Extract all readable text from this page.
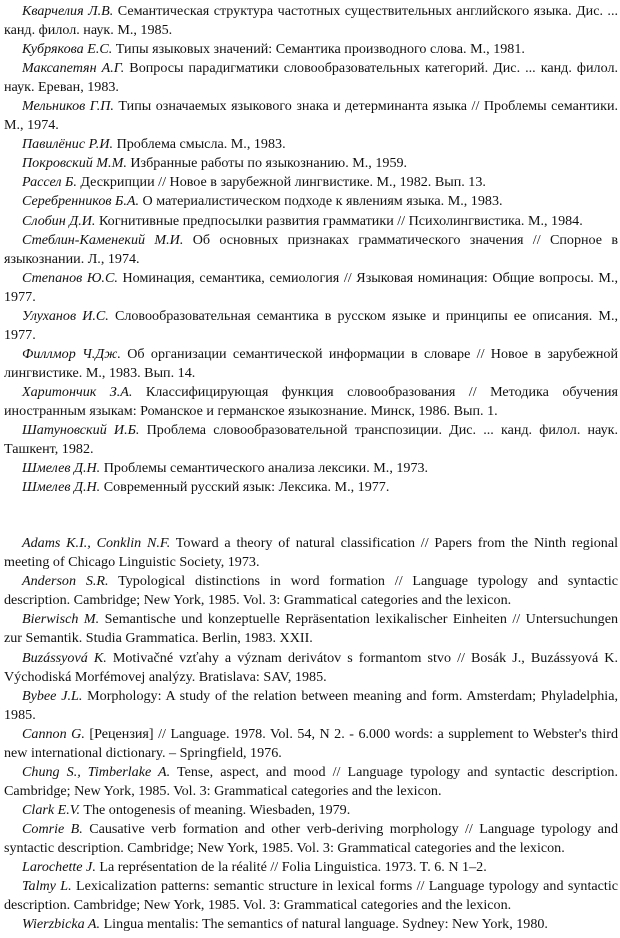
Кварчелия Л.В. Семантическая структура частотных существительных английского языка. Дис. ... канд. филол. наук. М., 1985.

Кубрякова Е.С. Типы языковых значений: Семантика производного слова. М., 1981.

Максапетян А.Г. Вопросы парадигматики словообразовательных категорий. Дис. ... канд. филол. наук. Ереван, 1983.

Мельников Г.П. Типы означаемых языкового знака и детерминанта языка // Проблемы семантики. М., 1974.

Павилёнис Р.И. Проблема смысла. М., 1983.

Покровский М.М. Избранные работы по языкознанию. М., 1959.

Рассел Б. Дескрипции // Новое в зарубежной лингвистике. М., 1982. Вып. 13.

Серебренников Б.А. О материалистическом подходе к явлениям языка. М., 1983.

Слобин Д.И. Когнитивные предпосылки развития грамматики // Психолингвистика. М., 1984.

Стеблин-Каменекий М.И. Об основных признаках грамматического значения // Спорное в языкознании. Л., 1974.

Степанов Ю.С. Номинация, семантика, семиология // Языковая номинация: Общие вопросы. М., 1977.

Улуханов И.С. Словообразовательная семантика в русском языке и принципы ее описания. М., 1977.

Филлмор Ч.Дж. Об организации семантической информации в словаре // Новое в зарубежной лингвистике. М., 1983. Вып. 14.

Харитончик З.А. Классифицирующая функция словообразования // Методика обучения иностранным языкам: Романское и германское языкознание. Минск, 1986. Вып. 1.

Шатуновский И.Б. Проблема словообразовательной транспозиции. Дис. ... канд. филол. наук. Ташкент, 1982.

Шмелев Д.Н. Проблемы семантического анализа лексики. М., 1973.

Шмелев Д.Н. Современный русский язык: Лексика. М., 1977.

Adams K.I., Conklin N.F. Toward a theory of natural classification // Papers from the Ninth regional meeting of Chicago Linguistic Society, 1973.

Anderson S.R. Typological distinctions in word formation // Language typology and syntactic description. Cambridge; New York, 1985. Vol. 3: Grammatical categories and the lexicon.

Bierwisch M. Semantische und konzeptuelle Repräsentation lexikalischer Einheiten // Untersuchungen zur Semantik. Studia Grammatica. Berlin, 1983. XXII.

Buzássyová K. Motivačné vzťahy a význam derivátov s formantom stvo // Bosák J., Buzássyová K. Východiská Morfémovej analýzy. Bratislava: SAV, 1985.

Bybee J.L. Morphology: A study of the relation between meaning and form. Amsterdam; Phyladelphia, 1985.

Cannon G. [Рецензия] // Language. 1978. Vol. 54, N 2. - 6.000 words: a supplement to Webster's third new international dictionary. – Springfield, 1976.

Chung S., Timberlake A. Tense, aspect, and mood // Language typology and syntactic description. Cambridge; New York, 1985. Vol. 3: Grammatical categories and the lexicon.

Clark E.V. The ontogenesis of meaning. Wiesbaden, 1979.

Comrie B. Causative verb formation and other verb-deriving morphology // Language typology and syntactic description. Cambridge; New York, 1985. Vol. 3: Grammatical categories and the lexicon.

Larochette J. La représentation de la réalité // Folia Linguistica. 1973. T. 6. N 1–2.

Talmy L. Lexicalization patterns: semantic structure in lexical forms // Language typology and syntactic description. Cambridge; New York, 1985. Vol. 3: Grammatical categories and the lexicon.

Wierzbicka A. Lingua mentalis: The semantics of natural language. Sydney: New York, 1980.
